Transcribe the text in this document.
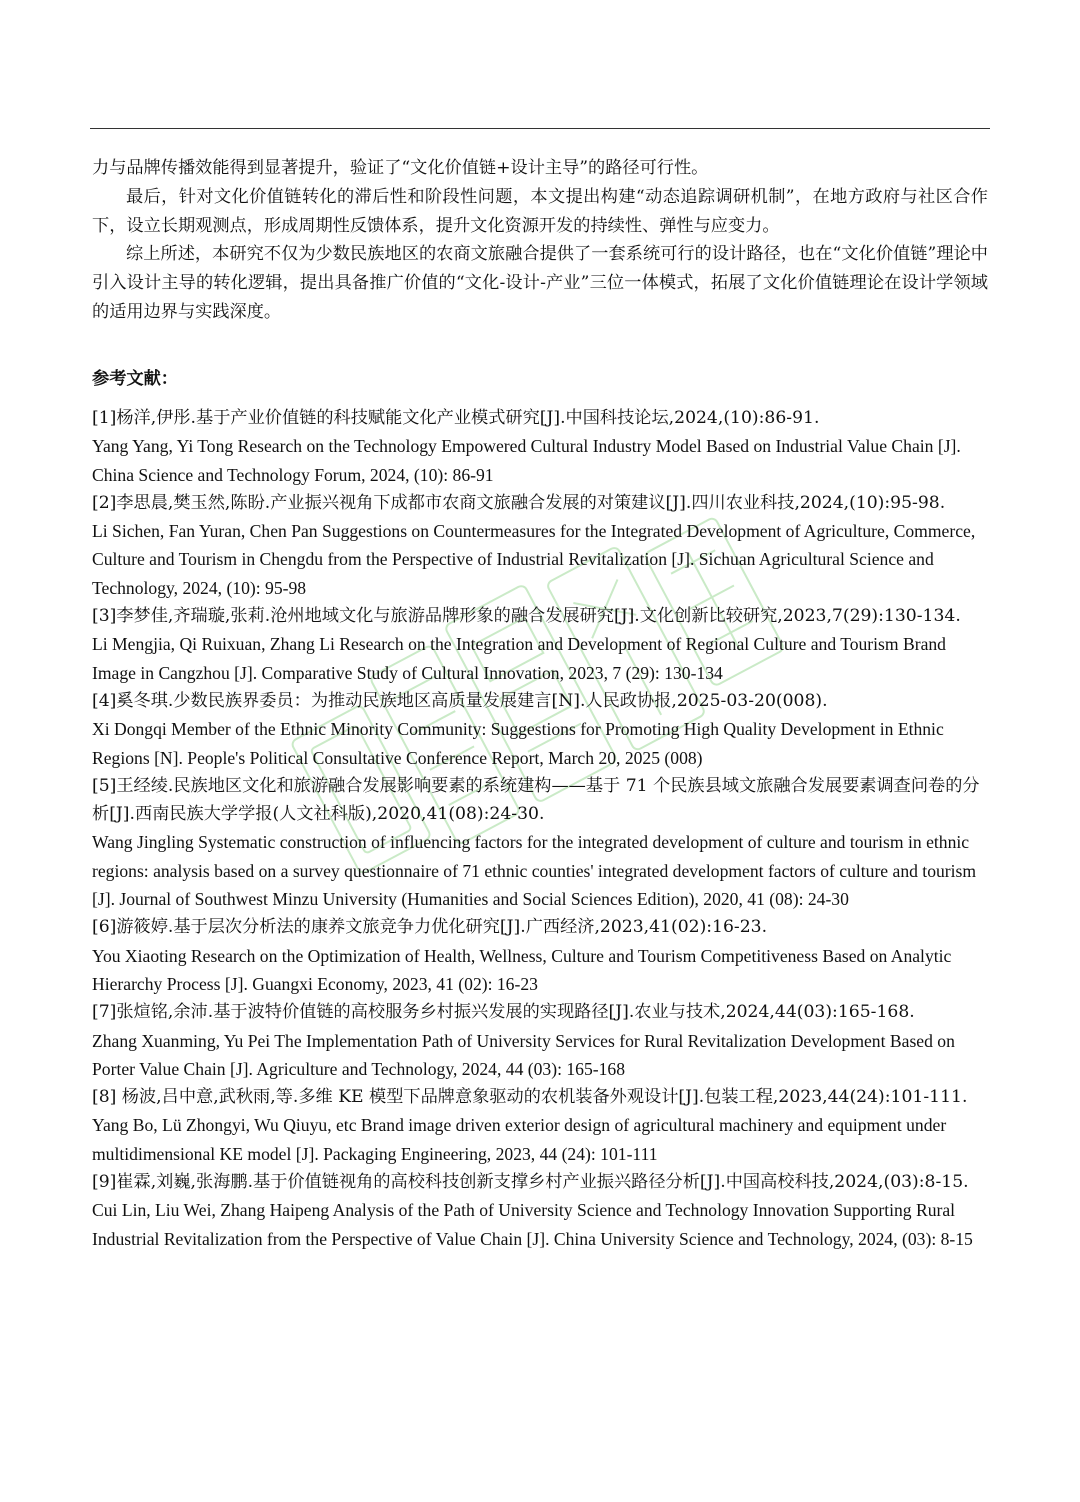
力与品牌传播效能得到显著提升，验证了“文化价值链+设计主导”的路径可行性。

最后，针对文化价值链转化的滞后性和阶段性问题，本文提出构建“动态追踪调研机制”，在地方政府与社区合作下，设立长期观测点，形成周期性反馈体系，提升文化资源开发的持续性、弹性与应变力。

综上所述，本研究不仅为少数民族地区的农商文旅融合提供了一套系统可行的设计路径，也在“文化价值链”理论中引入设计主导的转化逻辑，提出具备推广价值的“文化-设计-产业”三位一体模式，拓展了文化价值链理论在设计学领域的适用边界与实践深度。

参考文献：
[1]杨洋,伊彤.基于产业价值链的科技赋能文化产业模式研究[J].中国科技论坛,2024,(10):86-91.
Yang Yang, Yi Tong Research on the Technology Empowered Cultural Industry Model Based on Industrial Value Chain [J]. China Science and Technology Forum, 2024, (10): 86-91
[2]李思晨,樊玉然,陈盼.产业振兴视角下成都市农商文旅融合发展的对策建议[J].四川农业科技,2024,(10):95-98.
Li Sichen, Fan Yuran, Chen Pan Suggestions on Countermeasures for the Integrated Development of Agriculture, Commerce, Culture and Tourism in Chengdu from the Perspective of Industrial Revitalization [J]. Sichuan Agricultural Science and Technology, 2024, (10): 95-98
[3]李梦佳,齐瑞璇,张莉.沧州地域文化与旅游品牌形象的融合发展研究[J].文化创新比较研究,2023,7(29):130-134.
Li Mengjia, Qi Ruixuan, Zhang Li Research on the Integration and Development of Regional Culture and Tourism Brand Image in Cangzhou [J]. Comparative Study of Cultural Innovation, 2023, 7 (29): 130-134
[4]奚冬琪.少数民族界委员：为推动民族地区高质量发展建言[N].人民政协报,2025-03-20(008).
Xi Dongqi Member of the Ethnic Minority Community: Suggestions for Promoting High Quality Development in Ethnic Regions [N]. People's Political Consultative Conference Report, March 20, 2025 (008)
[5]王经绫.民族地区文化和旅游融合发展影响要素的系统建构——基于 71 个民族县域文旅融合发展要素调查问卷的分析[J].西南民族大学学报(人文社科版),2020,41(08):24-30.
Wang Jingling Systematic construction of influencing factors for the integrated development of culture and tourism in ethnic regions: analysis based on a survey questionnaire of 71 ethnic counties' integrated development factors of culture and tourism [J]. Journal of Southwest Minzu University (Humanities and Social Sciences Edition), 2020, 41 (08): 24-30
[6]游筱婷.基于层次分析法的康养文旅竞争力优化研究[J].广西经济,2023,41(02):16-23.
You Xiaoting Research on the Optimization of Health, Wellness, Culture and Tourism Competitiveness Based on Analytic Hierarchy Process [J]. Guangxi Economy, 2023, 41 (02): 16-23
[7]张煊铭,余沛.基于波特价值链的高校服务乡村振兴发展的实现路径[J].农业与技术,2024,44(03):165-168.
Zhang Xuanming, Yu Pei The Implementation Path of University Services for Rural Revitalization Development Based on Porter Value Chain [J]. Agriculture and Technology, 2024, 44 (03): 165-168
[8] 杨波,吕中意,武秋雨,等.多维 KE 模型下品牌意象驱动的农机装备外观设计[J].包装工程,2023,44(24):101-111.
Yang Bo, Lü Zhongyi, Wu Qiuyu, etc Brand image driven exterior design of agricultural machinery and equipment under multidimensional KE model [J]. Packaging Engineering, 2023, 44 (24): 101-111
[9]崔霖,刘巍,张海鹏.基于价值链视角的高校科技创新支撑乡村产业振兴路径分析[J].中国高校科技,2024,(03):8-15.
Cui Lin, Liu Wei, Zhang Haipeng Analysis of the Path of University Science and Technology Innovation Supporting Rural Industrial Revitalization from the Perspective of Value Chain [J]. China University Science and Technology, 2024, (03): 8-15
